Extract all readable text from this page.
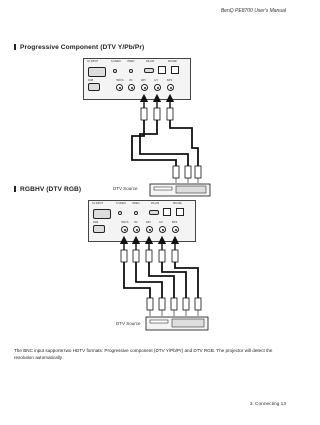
BenQ PE8700 User's Manual
Progressive Component (DTV Y/Pb/Pr)
AC INPUT	S-VIDEO	VIDEO	RS-232	MOUSE
RGB	HD/CS VD	R/Pr	G/Y	B/Pb
AC INPUT	S-VIDEO	VIDEO	RS-232	MOUSE
RGB	HD/CS VD	R/Pr	G/Y	B/Pb
DTV Source
RGBHV (DTV RGB)
DTV Source
The BNC input supports two HDTV formats: Progressive component (DTV Y/Pb/Pr) and DTV RGB. The projector will detect the resolution automatically.
3. Connecting 13
